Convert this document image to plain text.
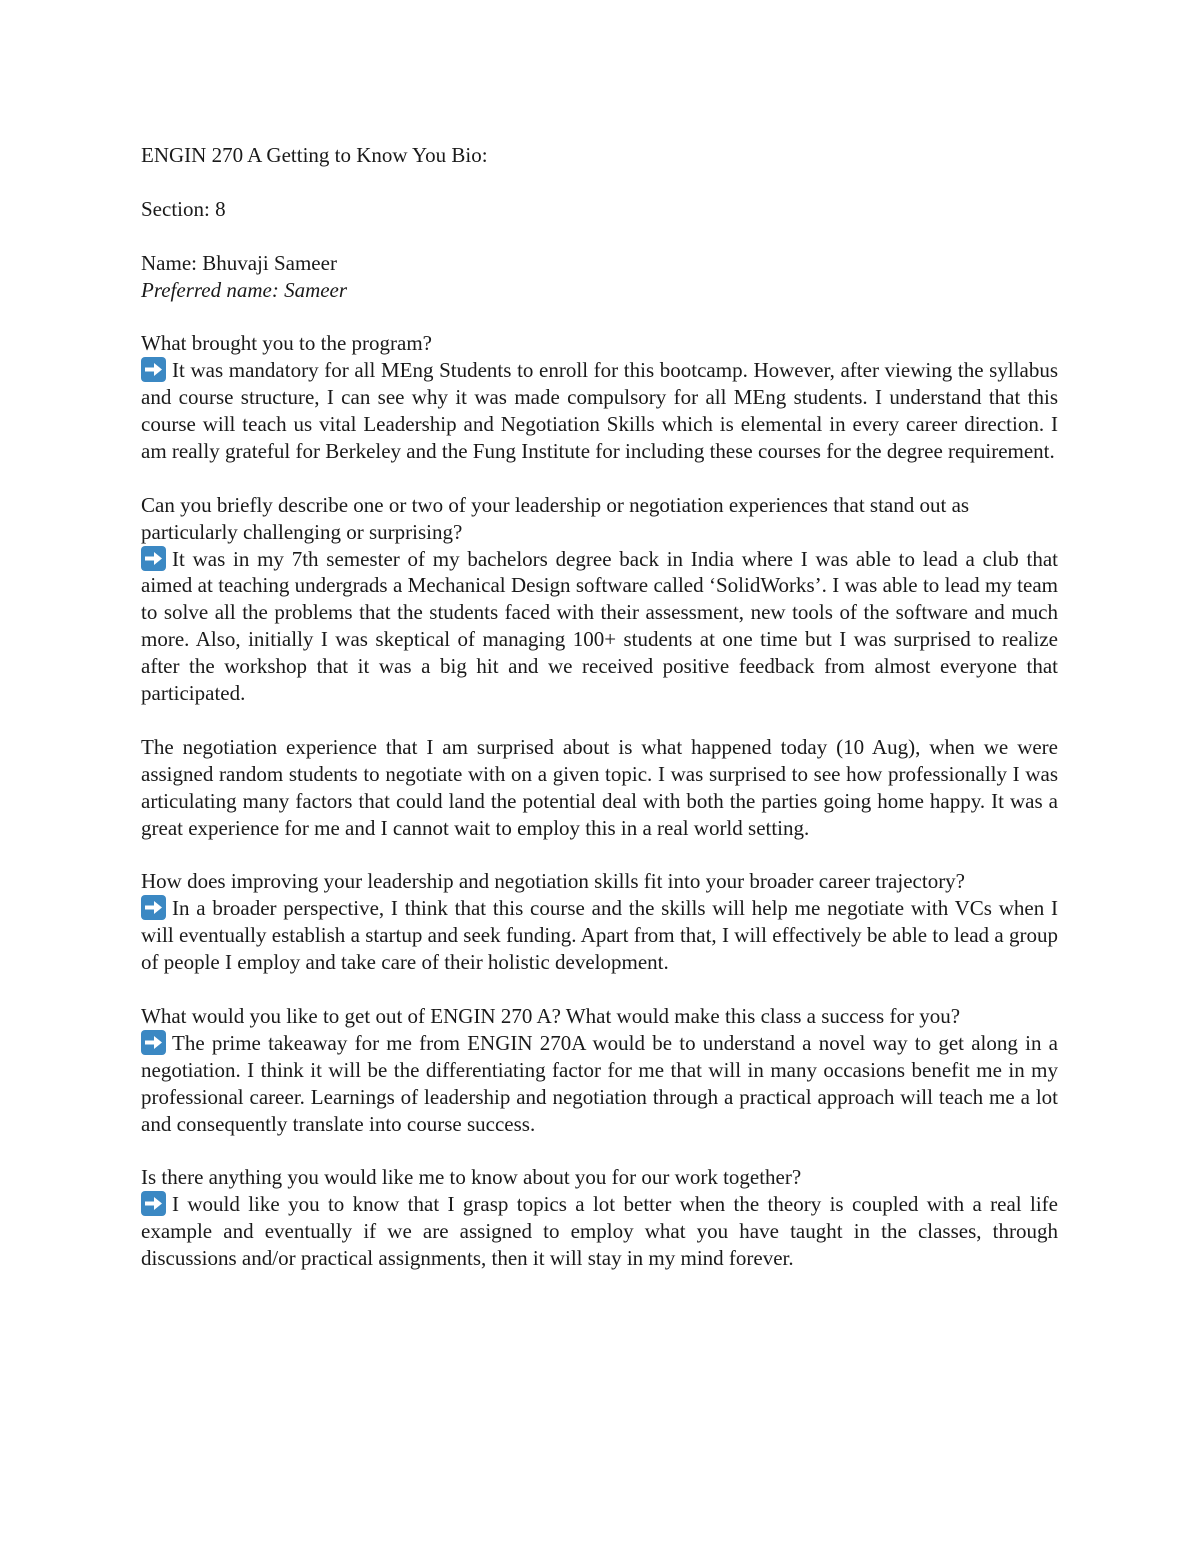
ENGIN 270 A Getting to Know You Bio:

Section: 8

Name: Bhuvaji Sameer

Preferred name: Sameer

What brought you to the program?

It was mandatory for all MEng Students to enroll for this bootcamp. However, after viewing the syllabus and course structure, I can see why it was made compulsory for all MEng students. I understand that this course will teach us vital Leadership and Negotiation Skills which is elemental in every career direction. I am really grateful for Berkeley and the Fung Institute for including these courses for the degree requirement.

Can you briefly describe one or two of your leadership or negotiation experiences that stand out as particularly challenging or surprising?

It was in my 7th semester of my bachelors degree back in India where I was able to lead a club that aimed at teaching undergrads a Mechanical Design software called ‘SolidWorks’. I was able to lead my team to solve all the problems that the students faced with their assessment, new tools of the software and much more. Also, initially I was skeptical of managing 100+ students at one time but I was surprised to realize after the workshop that it was a big hit and we received positive feedback from almost everyone that participated.

The negotiation experience that I am surprised about is what happened today (10 Aug), when we were assigned random students to negotiate with on a given topic. I was surprised to see how professionally I was articulating many factors that could land the potential deal with both the parties going home happy. It was a great experience for me and I cannot wait to employ this in a real world setting.

How does improving your leadership and negotiation skills fit into your broader career trajectory?

In a broader perspective, I think that this course and the skills will help me negotiate with VCs when I will eventually establish a startup and seek funding. Apart from that, I will effectively be able to lead a group of people I employ and take care of their holistic development.

What would you like to get out of ENGIN 270 A? What would make this class a success for you?

The prime takeaway for me from ENGIN 270A would be to understand a novel way to get along in a negotiation. I think it will be the differentiating factor for me that will in many occasions benefit me in my professional career. Learnings of leadership and negotiation through a practical approach will teach me a lot and consequently translate into course success.

Is there anything you would like me to know about you for our work together?

I would like you to know that I grasp topics a lot better when the theory is coupled with a real life example and eventually if we are assigned to employ what you have taught in the classes, through discussions and/or practical assignments, then it will stay in my mind forever.
